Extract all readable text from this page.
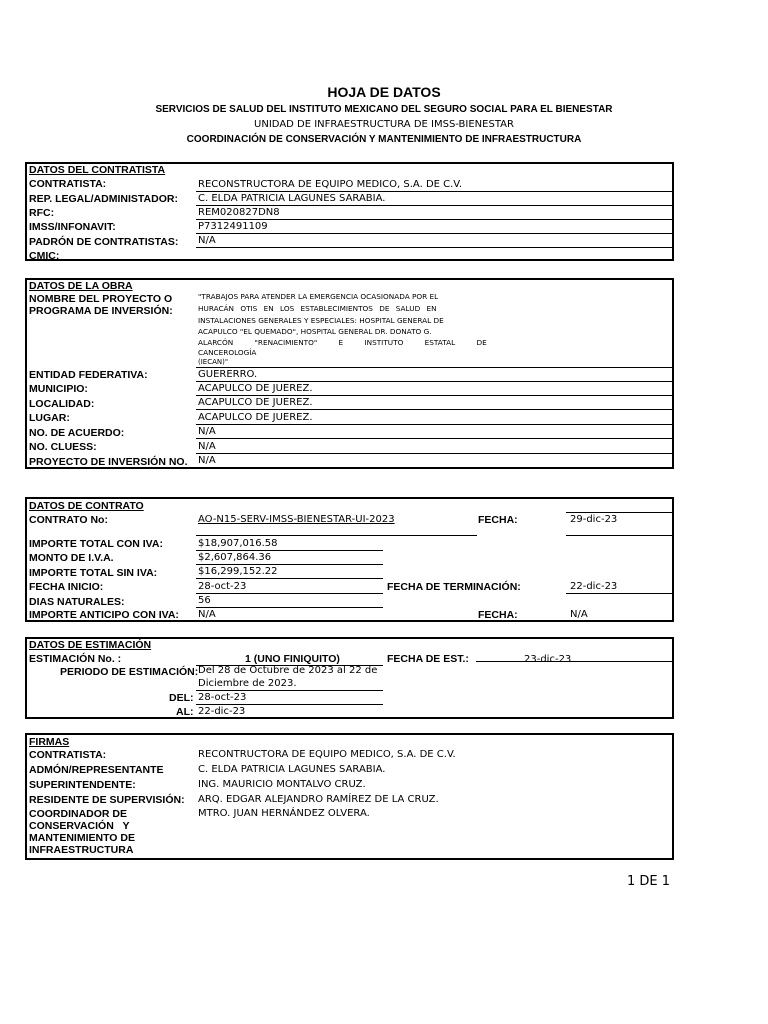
HOJA DE DATOS
SERVICIOS DE SALUD DEL INSTITUTO MEXICANO DEL SEGURO SOCIAL PARA EL BIENESTAR
UNIDAD DE INFRAESTRUCTURA DE IMSS-BIENESTAR
COORDINACIÓN DE CONSERVACIÓN Y MANTENIMIENTO DE INFRAESTRUCTURA
DATOS DEL CONTRATISTA
CONTRATISTA:	RECONSTRUCTORA DE EQUIPO MEDICO, S.A. DE C.V.
REP. LEGAL/ADMINISTADOR: C. ELDA PATRICIA LAGUNES SARABIA.
RFC:	REM020827DN8
IMSS/INFONAVIT:	P7312491109
PADRÓN DE CONTRATISTAS: N/A
CMIC:
DATOS DE LA OBRA
NOMBRE DEL PROYECTO O
PROGRAMA DE INVERSIÓN:
"TRABAJOS PARA ATENDER LA EMERGENCIA OCASIONADA POR EL
HURACÁN OTIS EN LOS ESTABLECIMIENTOS DE SALUD EN
INSTALACIONES GENERALES Y ESPECIALES: HOSPITAL GENERAL DE
ACAPULCO "EL QUEMADO", HOSPITAL GENERAL DR. DONATO G.
ALARCÓN "RENACIMIENTO" E INSTITUTO ESTATAL DE
CANCEROLOGÍA
(IECAN)"
ENTIDAD FEDERATIVA:	GUERERRO.
MUNICIPIO:	ACAPULCO DE JUEREZ.
LOCALIDAD:	ACAPULCO DE JUEREZ.
LUGAR:	ACAPULCO DE JUEREZ.
NO. DE ACUERDO:	N/A
NO. CLUESS:	N/A
PROYECTO DE INVERSIÓN NO. N/A
DATOS DE CONTRATO
CONTRATO No:	AO-N15-SERV-IMSS-BIENESTAR-UI-2023	FECHA:	29-dic-23
IMPORTE TOTAL CON IVA:	$18,907,016.58
MONTO DE I.V.A.	$2,607,864.36
IMPORTE TOTAL SIN IVA:	$16,299,152.22
FECHA INICIO:	28-oct-23	FECHA DE TERMINACIÓN:	22-dic-23
DIAS NATURALES:	56
IMPORTE ANTICIPO CON IVA: N/A	FECHA:	N/A
DATOS DE ESTIMACIÓN
ESTIMACIÓN No. :	1 (UNO FINIQUITO)	FECHA DE EST.:	23-dic-23
PERIODO DE ESTIMACIÓN: Del 28 de Octubre de 2023 al 22 de
Diciembre de 2023.
DEL: 28-oct-23
AL: 22-dic-23
FIRMAS
CONTRATISTA:	RECONTRUCTORA DE EQUIPO MEDICO, S.A. DE C.V.
ADMÓN/REPRESENTANTE	C. ELDA PATRICIA LAGUNES SARABIA.
SUPERINTENDENTE:	ING. MAURICIO MONTALVO CRUZ.
RESIDENTE DE SUPERVISIÓN: ARQ. EDGAR ALEJANDRO RAMÍREZ DE LA CRUZ.
COORDINADOR DE
CONSERVACIÓN Y
MANTENIMIENTO DE
INFRAESTRUCTURA
MTRO. JUAN HERNÁNDEZ OLVERA.
1 DE 1
